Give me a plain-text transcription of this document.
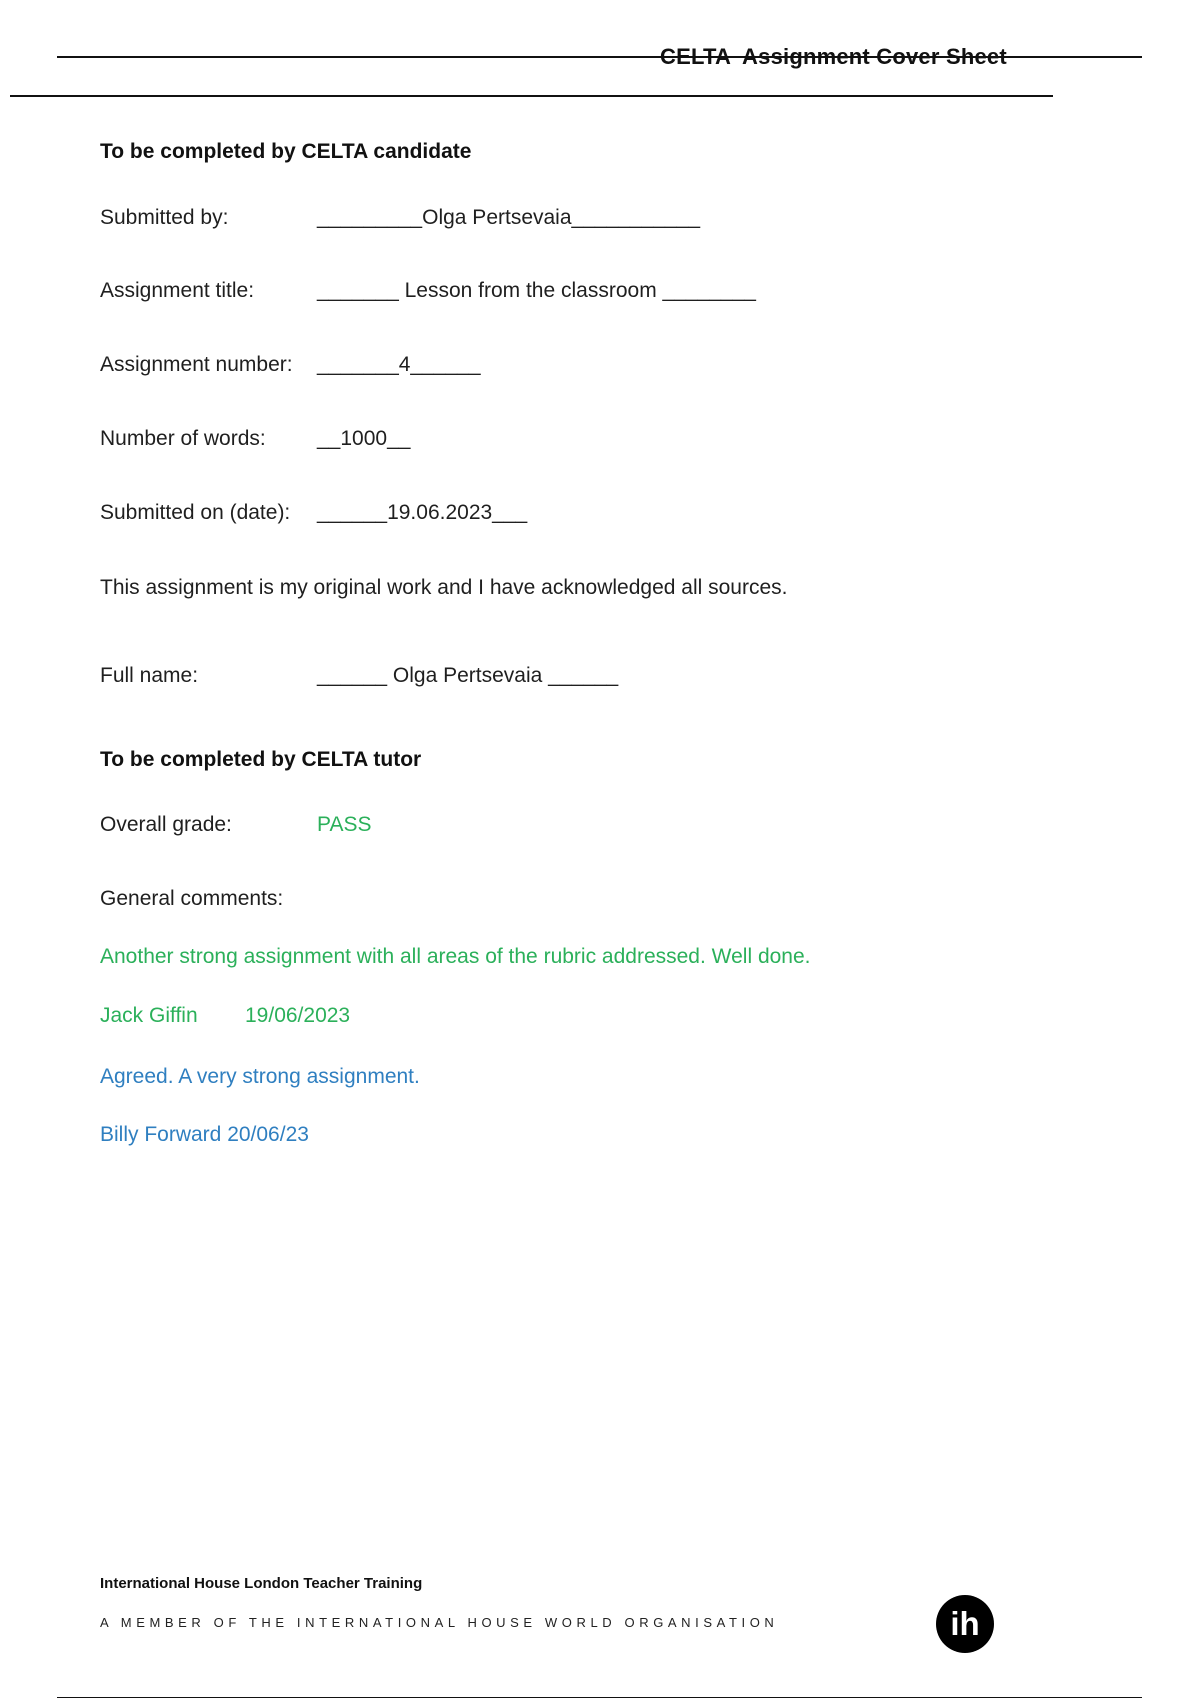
CELTA  Assignment Cover Sheet
To be completed by CELTA candidate
Submitted by:	_________Olga Pertsevaia___________
Assignment title:	_______ Lesson from the classroom ________
Assignment number: _______4______
Number of words: __1000__
Submitted on (date): ______19.06.2023___
This assignment is my original work and I have acknowledged all sources.
Full name:	______ Olga Pertsevaia ______
To be completed by CELTA tutor
Overall grade:	PASS
General comments:
Another strong assignment with all areas of the rubric addressed. Well done.
Jack Giffin 19/06/2023
Agreed. A very strong assignment.
Billy Forward 20/06/23
International House London Teacher Training
A MEMBER OF THE INTERNATIONAL HOUSE WORLD ORGANISATION	ih
